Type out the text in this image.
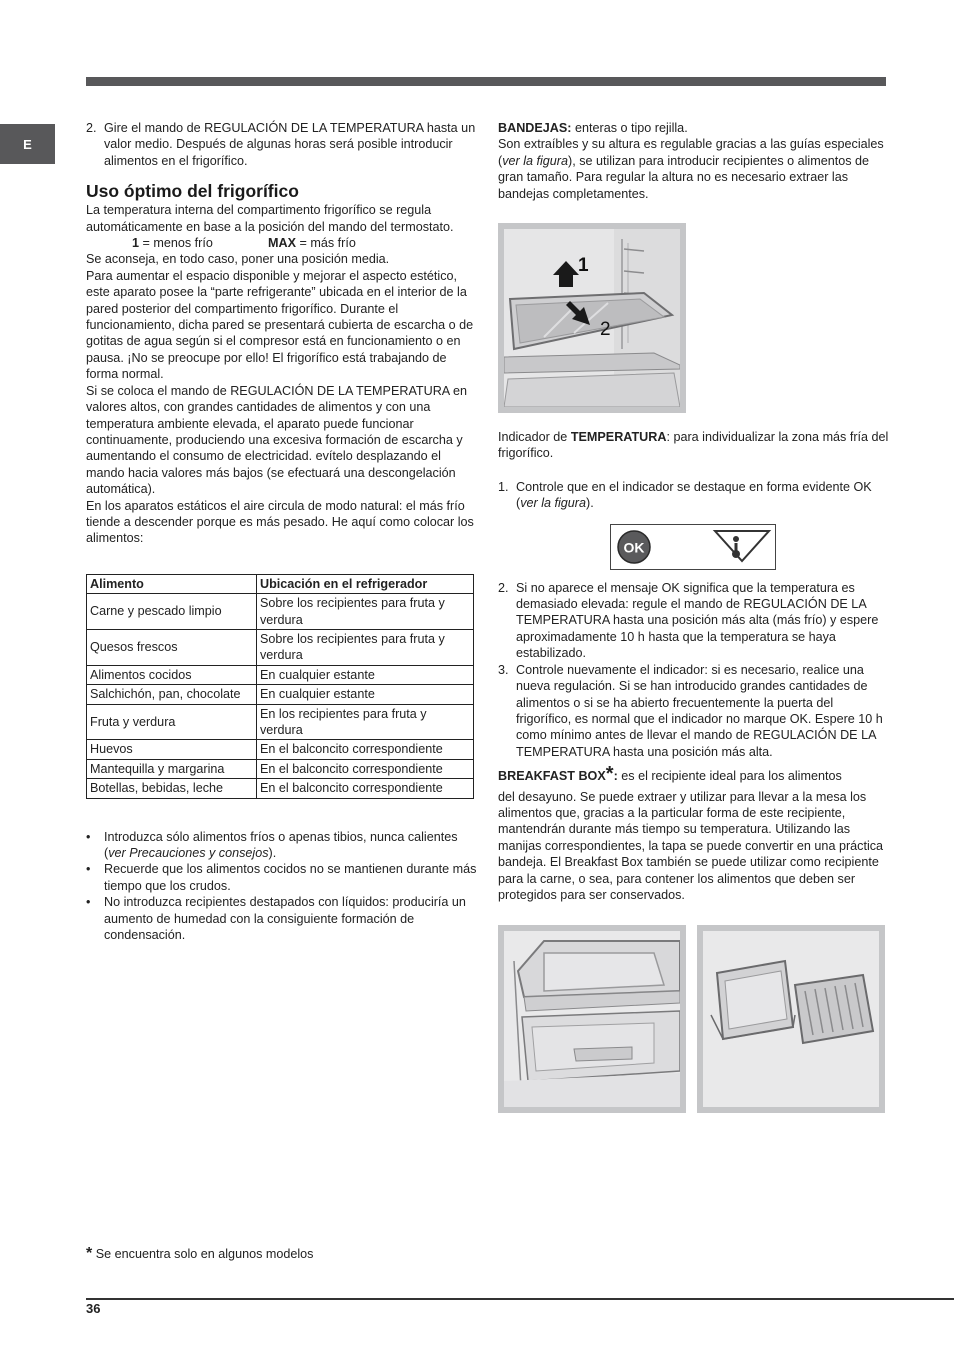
E
2. Gire el mando de REGULACIÓN DE LA TEMPERATURA hasta un valor medio. Después de algunas horas será posible introducir alimentos en el frigorífico.
Uso óptimo del frigorífico

La temperatura interna del compartimento frigorífico se regula automáticamente en base a la posición del mando del termostato.

1 = menos frío	MAX = más frío

Se aconseja, en todo caso, poner una posición media.

Para aumentar el espacio disponible y mejorar el aspecto estético, este aparato posee la “parte refrigerante” ubicada en el interior de la pared posterior del compartimento frigorífico. Durante el funcionamiento, dicha pared se presentará cubierta de escarcha o de gotitas de agua según si el compresor está en funcionamiento o en pausa. ¡No se preocupe por ello! El frigorífico está trabajando de forma normal.

Si se coloca el mando de REGULACIÓN DE LA TEMPERATURA en valores altos, con grandes cantidades de alimentos y con una temperatura ambiente elevada, el aparato puede funcionar continuamente, produciendo una excesiva formación de escarcha y aumentando el consumo de electricidad. evítelo desplazando el mando hacia valores más bajos (se efectuará una descongelación automática).

En los aparatos estáticos el aire circula de modo natural: el más frío tiende a descender porque es más pesado. He aquí como colocar los alimentos:

Alimento	Ubicación en el refrigerador
Carne y pescado limpio	Sobre los recipientes para fruta y verdura
Quesos frescos	Sobre los recipientes para fruta y verdura
Alimentos cocidos	En cualquier estante
Salchichón, pan, chocolate	En cualquier estante
Fruta y verdura	En los recipientes para fruta y verdura
Huevos	En el balconcito correspondiente
Mantequilla y margarina	En el balconcito correspondiente
Botellas, bebidas, leche	En el balconcito correspondiente
•	Introduzca sólo alimentos fríos o apenas tibios, nunca calientes (ver Precauciones y consejos).
•	Recuerde que los alimentos cocidos no se mantienen durante más tiempo que los crudos.
•	No introduzca recipientes destapados con líquidos: produciría un aumento de humedad con la consiguiente formación de condensación.

BANDEJAS: enteras o tipo rejilla.

Son extraíbles y su altura es regulable gracias a las guías especiales (ver la figura), se utilizan para introducir recipientes o alimentos de gran tamaño. Para regular la altura no es necesario extraer las bandejas completamentes.

1
2

Indicador de TEMPERATURA: para individualizar la zona más fría del frigorífico.

1. Controle que en el indicador se destaque en forma evidente OK (ver la figura).
OK
2. Si no aparece el mensaje OK significa que la temperatura es demasiado elevada: regule el mando de REGULACIÓN DE LA TEMPERATURA hasta una posición más alta (más frío) y espere aproximadamente 10 h hasta que la temperatura se haya estabilizado.
3. Controle nuevamente el indicador: si es necesario, realice una nueva regulación. Si se han introducido grandes cantidades de alimentos o si se ha abierto frecuentemente la puerta del frigorífico, es normal que el indicador no marque OK. Espere 10 h como mínimo antes de llevar el mando de REGULACIÓN DE LA TEMPERATURA hasta una posición más alta.

BREAKFAST BOX*: es el recipiente ideal para los alimentos

del desayuno. Se puede extraer y utilizar para llevar a la mesa los alimentos que, gracias a la particular forma de este recipiente, mantendrán durante más tiempo su temperatura. Utilizando las manijas correspondientes, la tapa se puede convertir en una práctica bandeja. El Breakfast Box también se puede utilizar como recipiente para la carne, o sea, para contener los alimentos que deben ser protegidos para ser conservados.

* Se encuentra solo en algunos modelos
36
